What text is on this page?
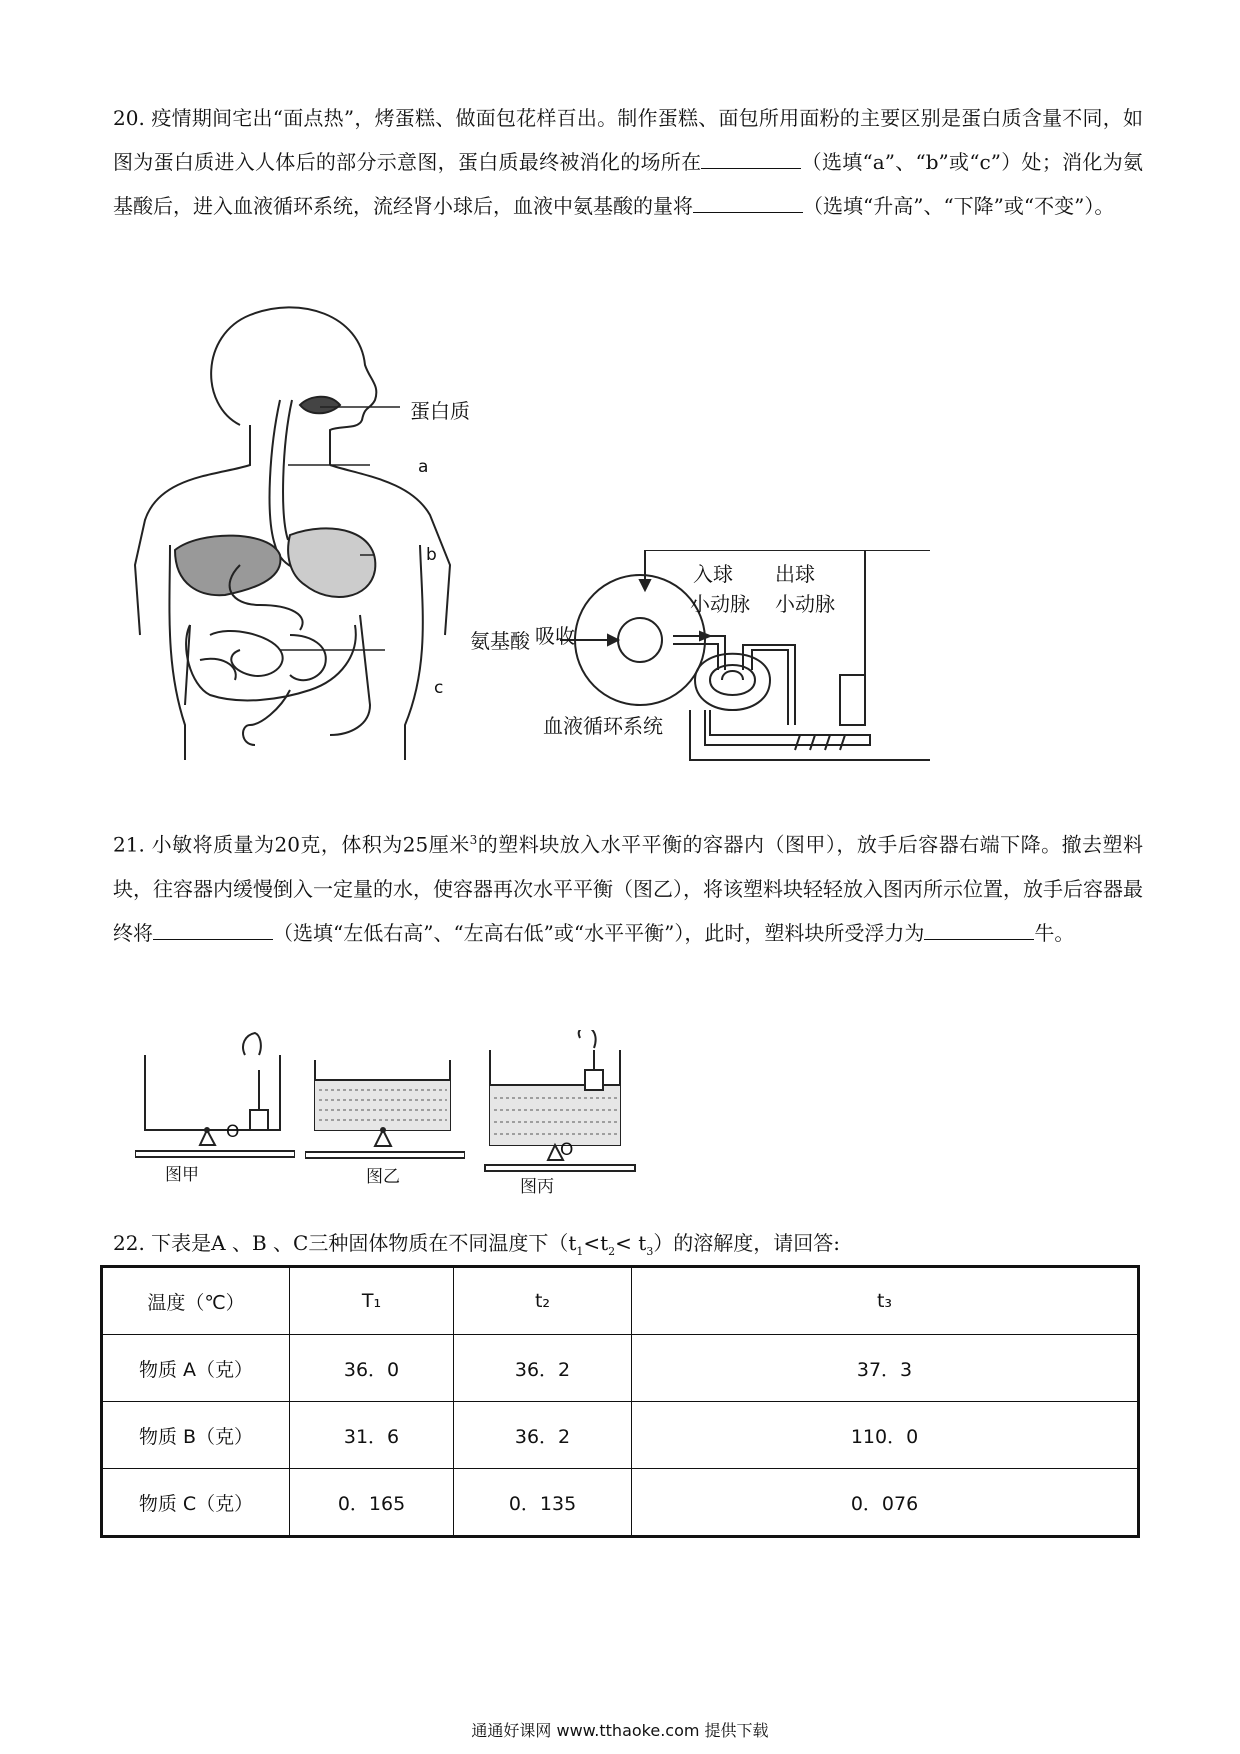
20. 疫情期间宅出“面点热”，烤蛋糕、做面包花样百出。制作蛋糕、面包所用面粉的主要区别是蛋白质含量不同，如图为蛋白质进入人体后的部分示意图，蛋白质最终被消化的场所在	（选填“a”、“b”或“c”）处；消化为氨基酸后，进入血液循环系统，流经肾小球后，血液中氨基酸的量将	（选填“升高”、“下降”或“不变”）。
蛋白质
a
b
c
氨基酸 吸收
血液循环系统
入球
小动脉
出球
小动脉
21. 小敏将质量为20克，体积为25厘米$^3$的塑料块放入水平平衡的容器内（图甲），放手后容器右端下降。撤去塑料块，往容器内缓慢倒入一定量的水，使容器再次水平平衡（图乙），将该塑料块轻轻放入图丙所示位置，放手后容器最终将	（选填“左低右高”、“左高右低”或“水平平衡”），此时，塑料块所受浮力为	牛。
O
图甲	图乙
O
图丙
22. 下表是A 、B 、C三种固体物质在不同温度下$(t_1<t_2< t_3)$的溶解度，请回答:
温度（℃）	T₁	t₂	t₃
物质 A（克）	36．0	36．2	37．3
物质 B（克）	31．6	36．2	110．0
物质 C（克）	0．165	0．135	0．076
通通好课网 www.tthaoke.com 提供下载
